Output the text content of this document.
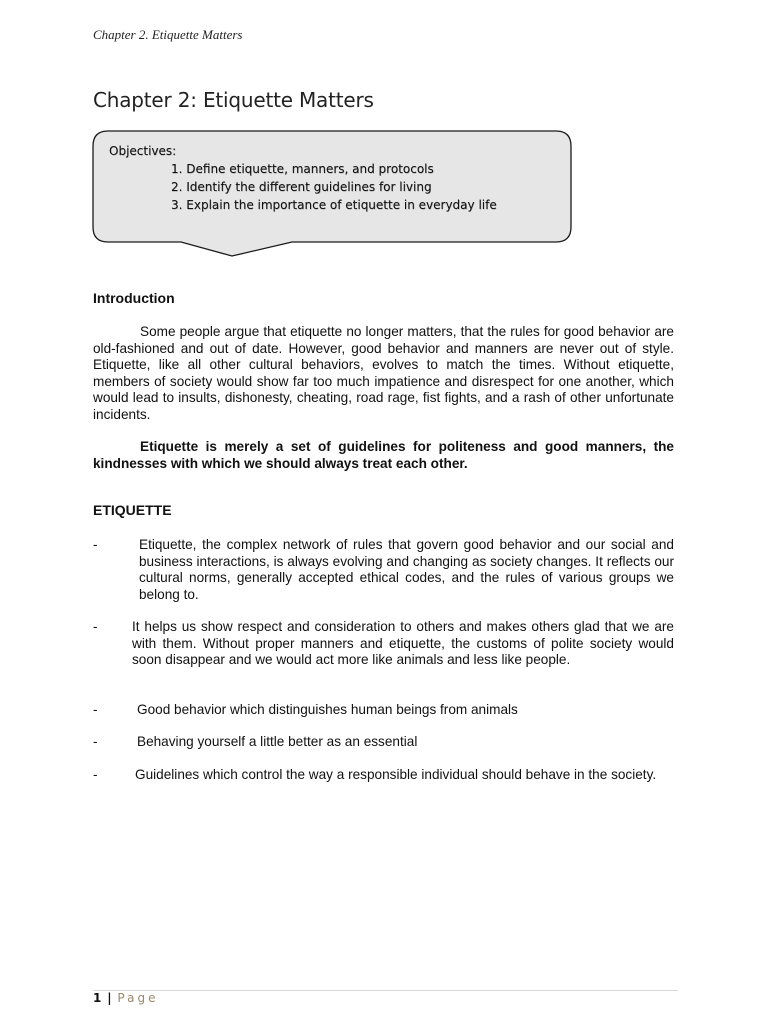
Chapter 2. Etiquette Matters
Chapter 2: Etiquette Matters
Objectives:
1. Define etiquette, manners, and protocols
2. Identify the different guidelines for living
3. Explain the importance of etiquette in everyday life
Introduction

Some people argue that etiquette no longer matters, that the rules for good behavior are old-fashioned and out of date. However, good behavior and manners are never out of style. Etiquette, like all other cultural behaviors, evolves to match the times. Without etiquette, members of society would show far too much impatience and disrespect for one another, which would lead to insults, dishonesty, cheating, road rage, fist fights, and a rash of other unfortunate incidents.

Etiquette is merely a set of guidelines for politeness and good manners, the kindnesses with which we should always treat each other.

ETIQUETTE
-	Etiquette, the complex network of rules that govern good behavior and our social and business interactions, is always evolving and changing as society changes. It reflects our cultural norms, generally accepted ethical codes, and the rules of various groups we belong to.

-	It helps us show respect and consideration to others and makes others glad that we are with them. Without proper manners and etiquette, the customs of polite society would soon disappear and we would act more like animals and less like people.

-	Good behavior which distinguishes human beings from animals

-	Behaving yourself a little better as an essential

-	Guidelines which control the way a responsible individual should behave in the society.

1 | Page
